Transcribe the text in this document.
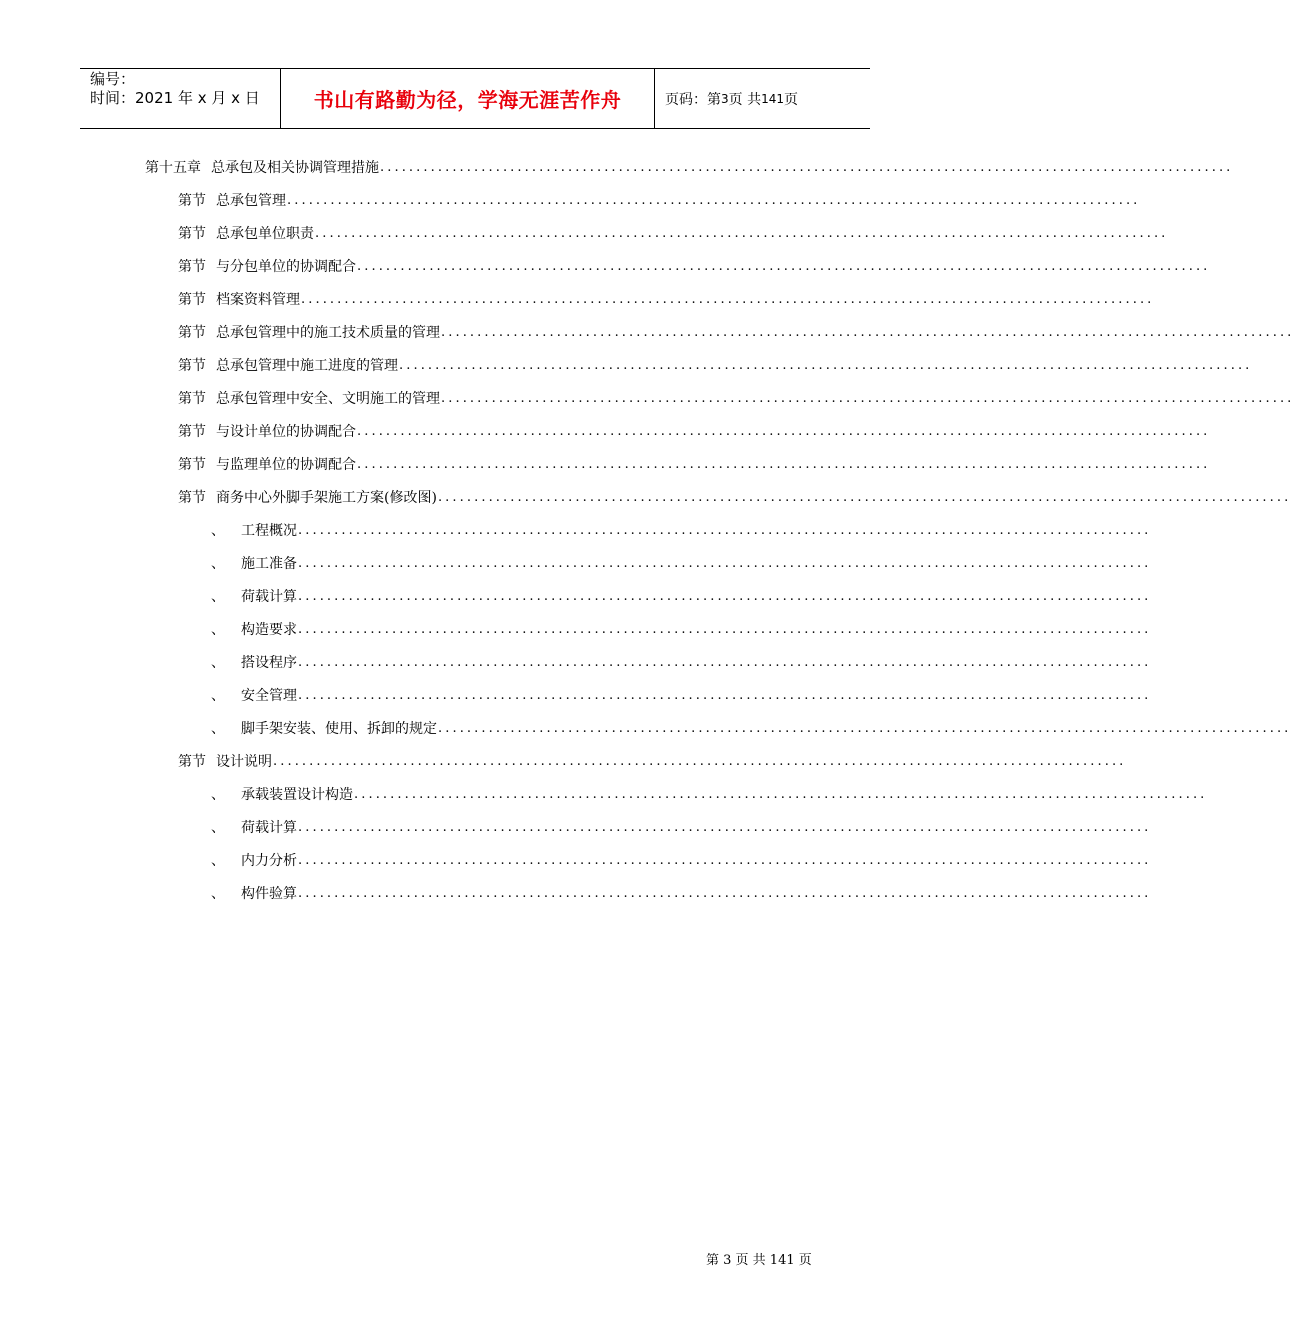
编号：
时间：2021 年 x 月 x 日	书山有路勤为径，学海无涯苦作舟	页码：第 3 页 共 141 页
第十五章 总承包及相关协调管理措施 ......................................................................................................................
第节 总承包管理 ......................................................................................................................
第节 总承包单位职责 ......................................................................................................................
第节 与分包单位的协调配合 ......................................................................................................................
第节 档案资料管理 ......................................................................................................................
第节 总承包管理中的施工技术质量的管理 ......................................................................................................................
第节 总承包管理中施工进度的管理 ......................................................................................................................
第节 总承包管理中安全、文明施工的管理 ......................................................................................................................
第节 与设计单位的协调配合 ......................................................................................................................
第节 与监理单位的协调配合 ......................................................................................................................
第节 商务中心外脚手架施工方案(修改图) ......................................................................................................................
、 工程概况 ......................................................................................................................
、 施工准备 ......................................................................................................................
、 荷载计算 ......................................................................................................................
、 构造要求 ......................................................................................................................
、 搭设程序 ......................................................................................................................
、 安全管理 ......................................................................................................................
、 脚手架安装、使用、拆卸的规定 ......................................................................................................................
第节 设计说明 ......................................................................................................................
、 承载装置设计构造 ......................................................................................................................
、 荷载计算 ......................................................................................................................
、 内力分析 ......................................................................................................................
、 构件验算 ......................................................................................................................
第 3 页 共 141 页
